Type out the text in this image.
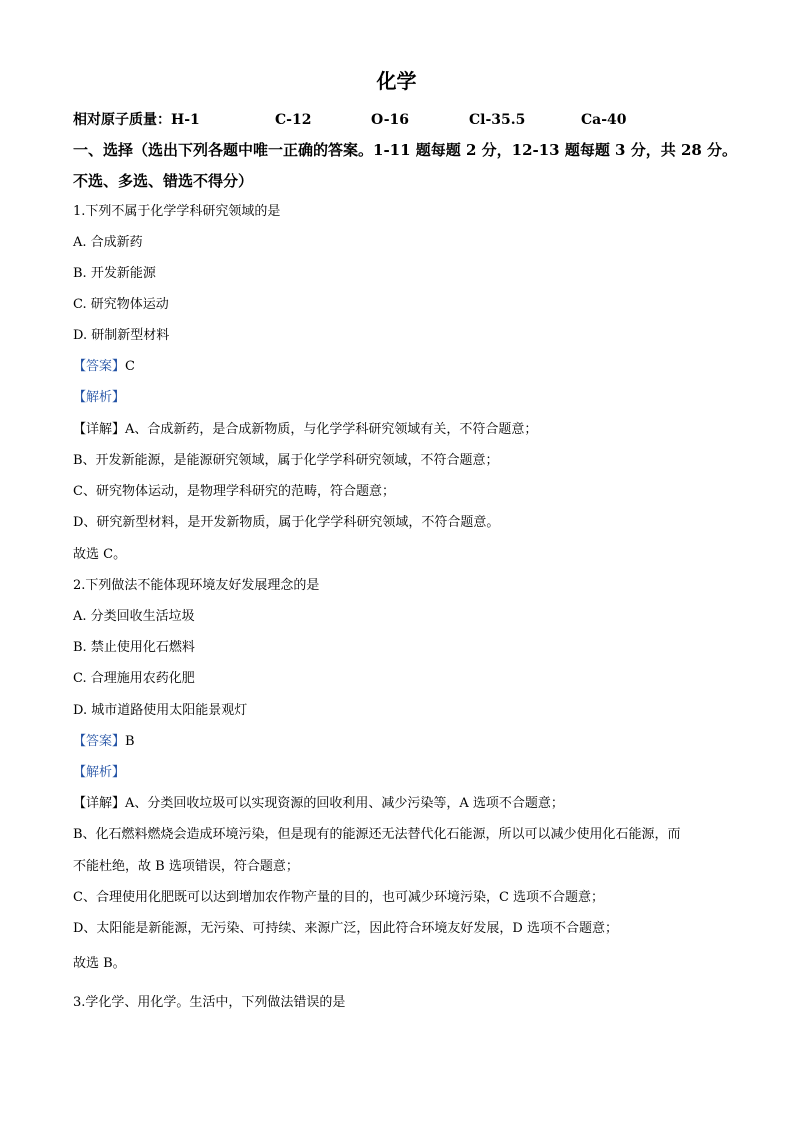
化学
相对原子质量：H-1	C-12	O-16	Cl-35.5	Ca-40
一、选择（选出下列各题中唯一正确的答案。1-11 题每题 2 分，12-13 题每题 3 分，共 28 分。
不选、多选、错选不得分）
1.下列不属于化学学科研究领域的是
A. 合成新药
B. 开发新能源
C. 研究物体运动
D. 研制新型材料
【答案】C
【解析】
【详解】A、合成新药，是合成新物质，与化学学科研究领域有关，不符合题意；
B、开发新能源，是能源研究领域，属于化学学科研究领域，不符合题意；
C、研究物体运动，是物理学科研究的范畴，符合题意；
D、研究新型材料，是开发新物质，属于化学学科研究领域，不符合题意。
故选 C。
2.下列做法不能体现环境友好发展理念的是
A. 分类回收生活垃圾
B. 禁止使用化石燃料
C. 合理施用农药化肥
D. 城市道路使用太阳能景观灯
【答案】B
【解析】
【详解】A、分类回收垃圾可以实现资源的回收利用、减少污染等，A 选项不合题意；
B、化石燃料燃烧会造成环境污染，但是现有的能源还无法替代化石能源，所以可以减少使用化石能源，而
不能杜绝，故 B 选项错误，符合题意；
C、合理使用化肥既可以达到增加农作物产量的目的，也可减少环境污染，C 选项不合题意；
D、太阳能是新能源，无污染、可持续、来源广泛，因此符合环境友好发展，D 选项不合题意；
故选 B。
3.学化学、用化学。生活中，下列做法错误的是
